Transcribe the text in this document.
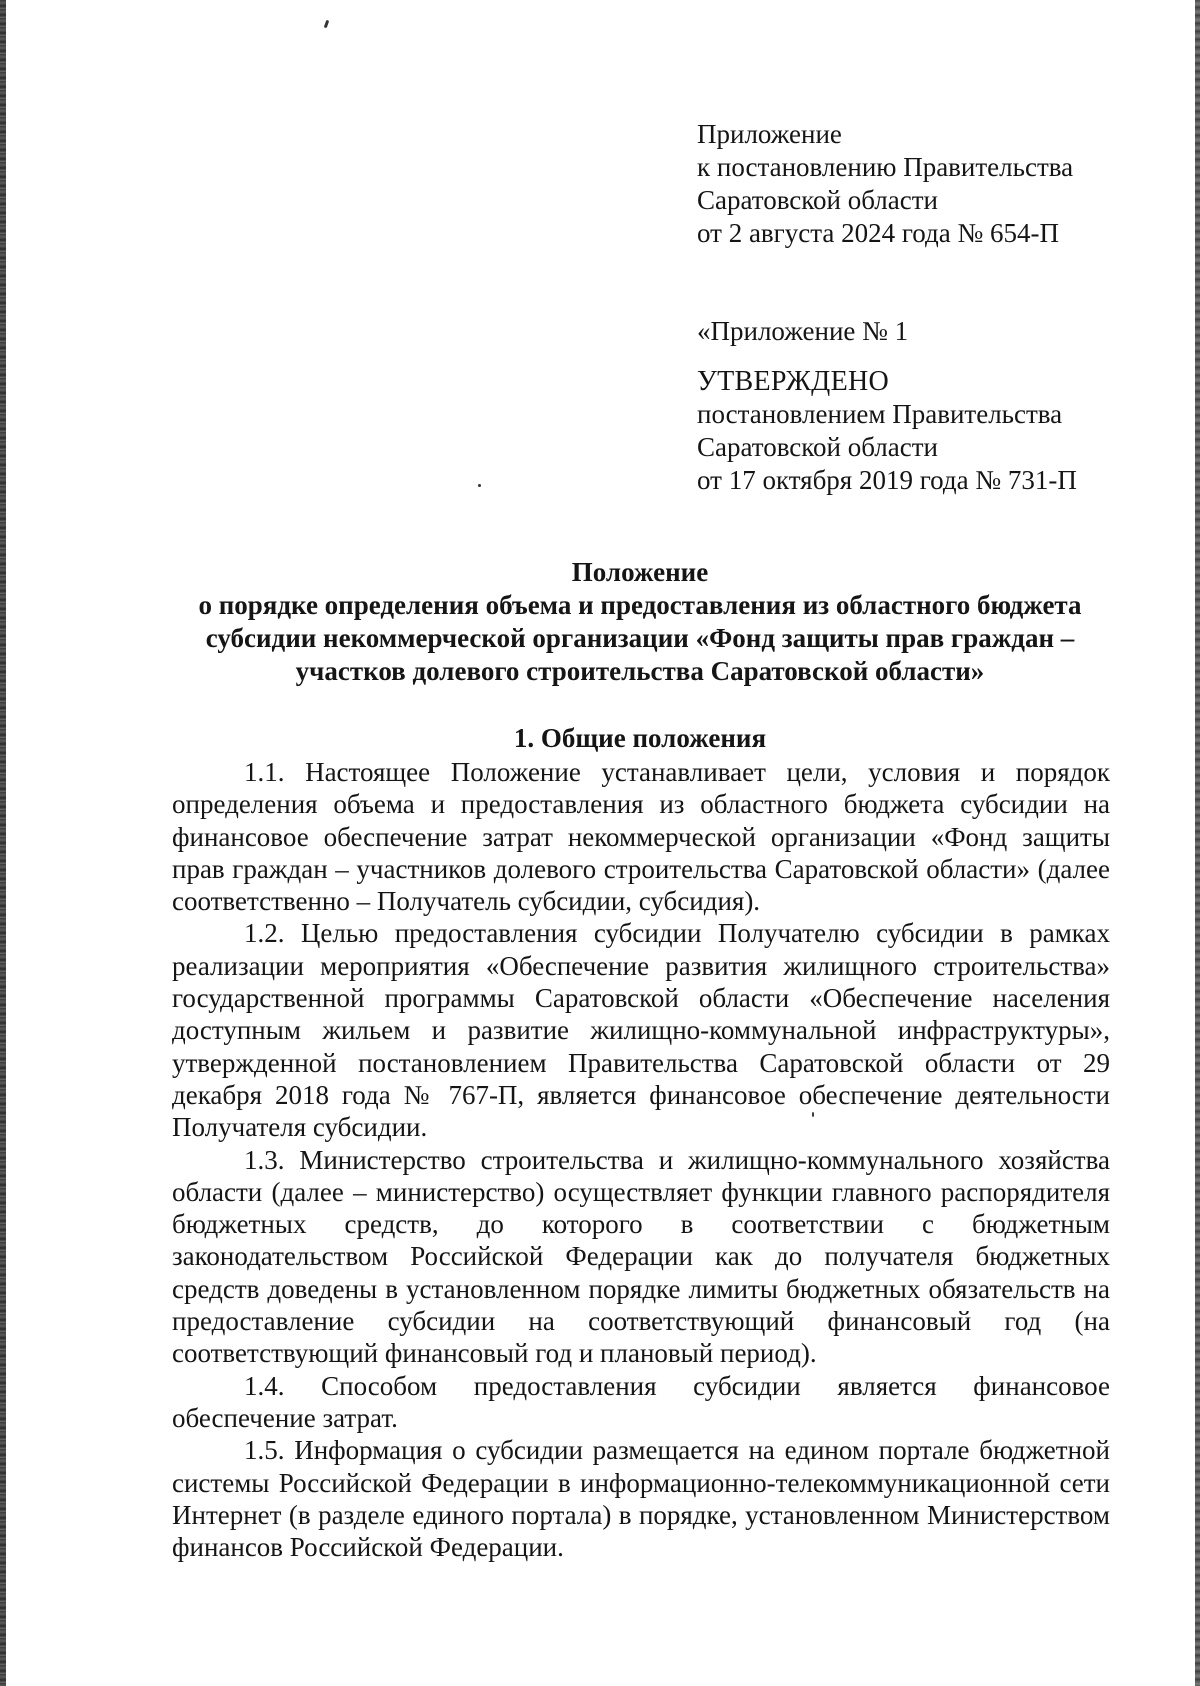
Приложение
к постановлению Правительства
Саратовской области
от 2 августа 2024 года № 654-П
«Приложение № 1
УТВЕРЖДЕНО
постановлением Правительства
Саратовской области
от 17 октября 2019 года № 731-П
Положение
о порядке определения объема и предоставления из областного бюджета
субсидии некоммерческой организации «Фонд защиты прав граждан –
участков долевого строительства Саратовской области»
1. Общие положения

1.1. Настоящее Положение устанавливает цели, условия и порядок определения объема и предоставления из областного бюджета субсидии на финансовое обеспечение затрат некоммерческой организации «Фонд защиты прав граждан – участников долевого строительства Саратовской области» (далее соответственно – Получатель субсидии, субсидия).

1.2. Целью предоставления субсидии Получателю субсидии в рамках реализации мероприятия «Обеспечение развития жилищного строительства» государственной программы Саратовской области «Обеспечение населения доступным жильем и развитие жилищно-коммунальной инфраструктуры», утвержденной постановлением Правительства Саратовской области от 29 декабря 2018 года № 767-П, является финансовое обеспечение деятельности Получателя субсидии.

1.3. Министерство строительства и жилищно-коммунального хозяйства области (далее – министерство) осуществляет функции главного распорядителя бюджетных средств, до которого в соответствии с бюджетным законодательством Российской Федерации как до получателя бюджетных средств доведены в установленном порядке лимиты бюджетных обязательств на предоставление субсидии на соответствующий финансовый год (на соответствующий финансовый год и плановый период).

1.4. Способом предоставления субсидии является финансовое обеспечение затрат.

1.5. Информация о субсидии размещается на едином портале бюджетной системы Российской Федерации в информационно-телекоммуникационной сети Интернет (в разделе единого портала) в порядке, установленном Министерством финансов Российской Федерации.
